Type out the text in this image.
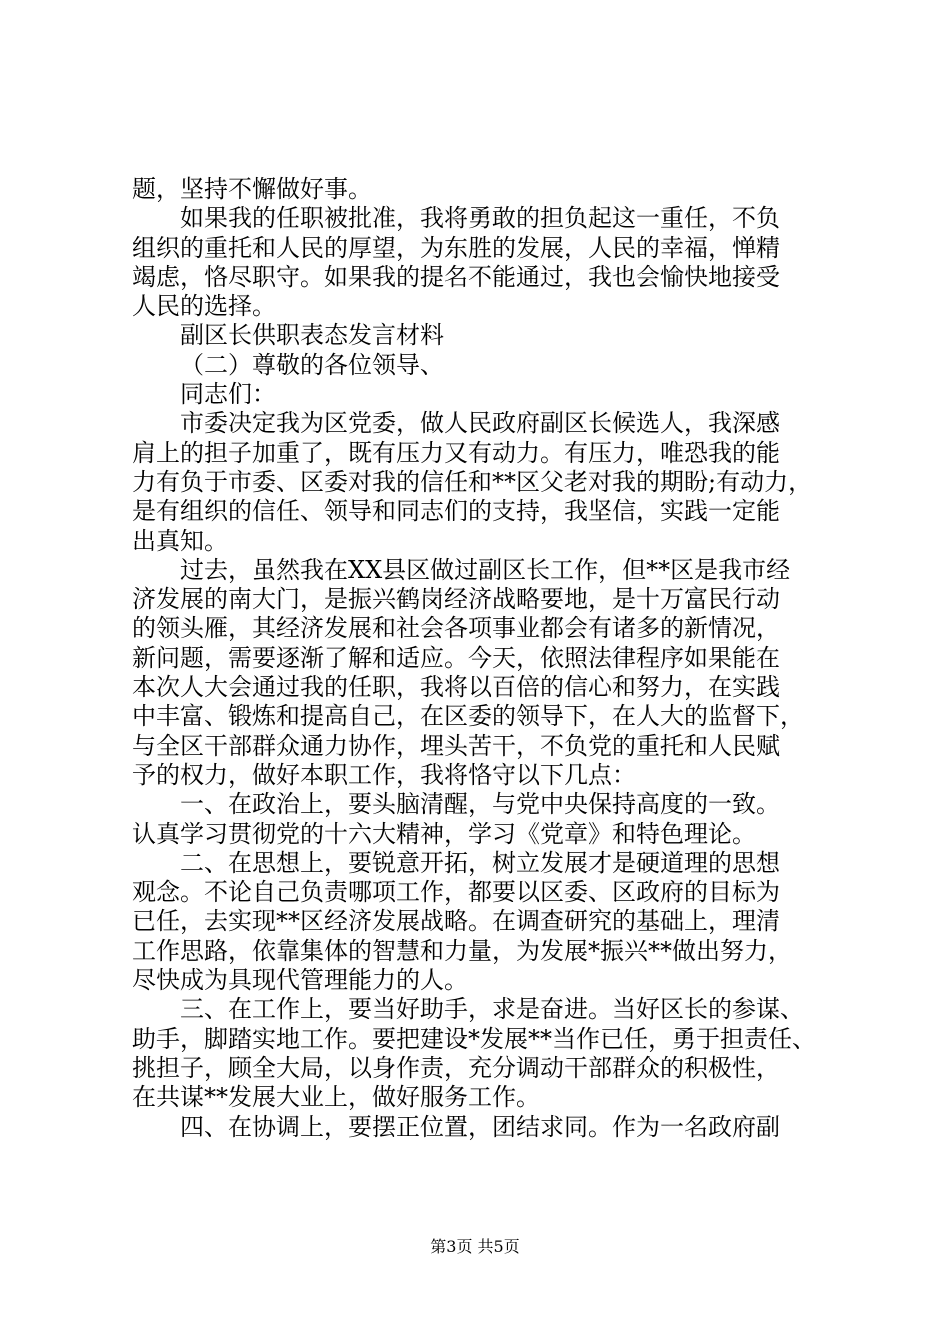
题，坚持不懈做好事。
如果我的任职被批准，我将勇敢的担负起这一重任，不负
组织的重托和人民的厚望，为东胜的发展，人民的幸福，惮精
竭虑，恪尽职守。如果我的提名不能通过，我也会愉快地接受
人民的选择。
副区长供职表态发言材料
（二）尊敬的各位领导、
同志们：
市委决定我为区党委，做人民政府副区长候选人，我深感
肩上的担子加重了，既有压力又有动力。有压力，唯恐我的能
力有负于市委、区委对我的信任和**区父老对我的期盼;有动力，
是有组织的信任、领导和同志们的支持，我坚信，实践一定能
出真知。
过去，虽然我在XX县区做过副区长工作，但**区是我市经
济发展的南大门，是振兴鹤岗经济战略要地，是十万富民行动
的领头雁，其经济发展和社会各项事业都会有诸多的新情况，
新问题，需要逐渐了解和适应。今天，依照法律程序如果能在
本次人大会通过我的任职，我将以百倍的信心和努力，在实践
中丰富、锻炼和提高自己，在区委的领导下，在人大的监督下，
与全区干部群众通力协作，埋头苦干，不负党的重托和人民赋
予的权力，做好本职工作，我将恪守以下几点：
一、在政治上，要头脑清醒，与党中央保持高度的一致。
认真学习贯彻党的十六大精神，学习《党章》和特色理论。
二、在思想上，要锐意开拓，树立发展才是硬道理的思想
观念。不论自己负责哪项工作，都要以区委、区政府的目标为
已任，去实现**区经济发展战略。在调查研究的基础上，理清
工作思路，依靠集体的智慧和力量，为发展*振兴**做出努力，
尽快成为具现代管理能力的人。
三、在工作上，要当好助手，求是奋进。当好区长的参谋、
助手，脚踏实地工作。要把建设*发展**当作已任，勇于担责任、
挑担子，顾全大局，以身作责，充分调动干部群众的积极性，
在共谋**发展大业上，做好服务工作。
四、在协调上，要摆正位置，团结求同。作为一名政府副
第3页 共5页
